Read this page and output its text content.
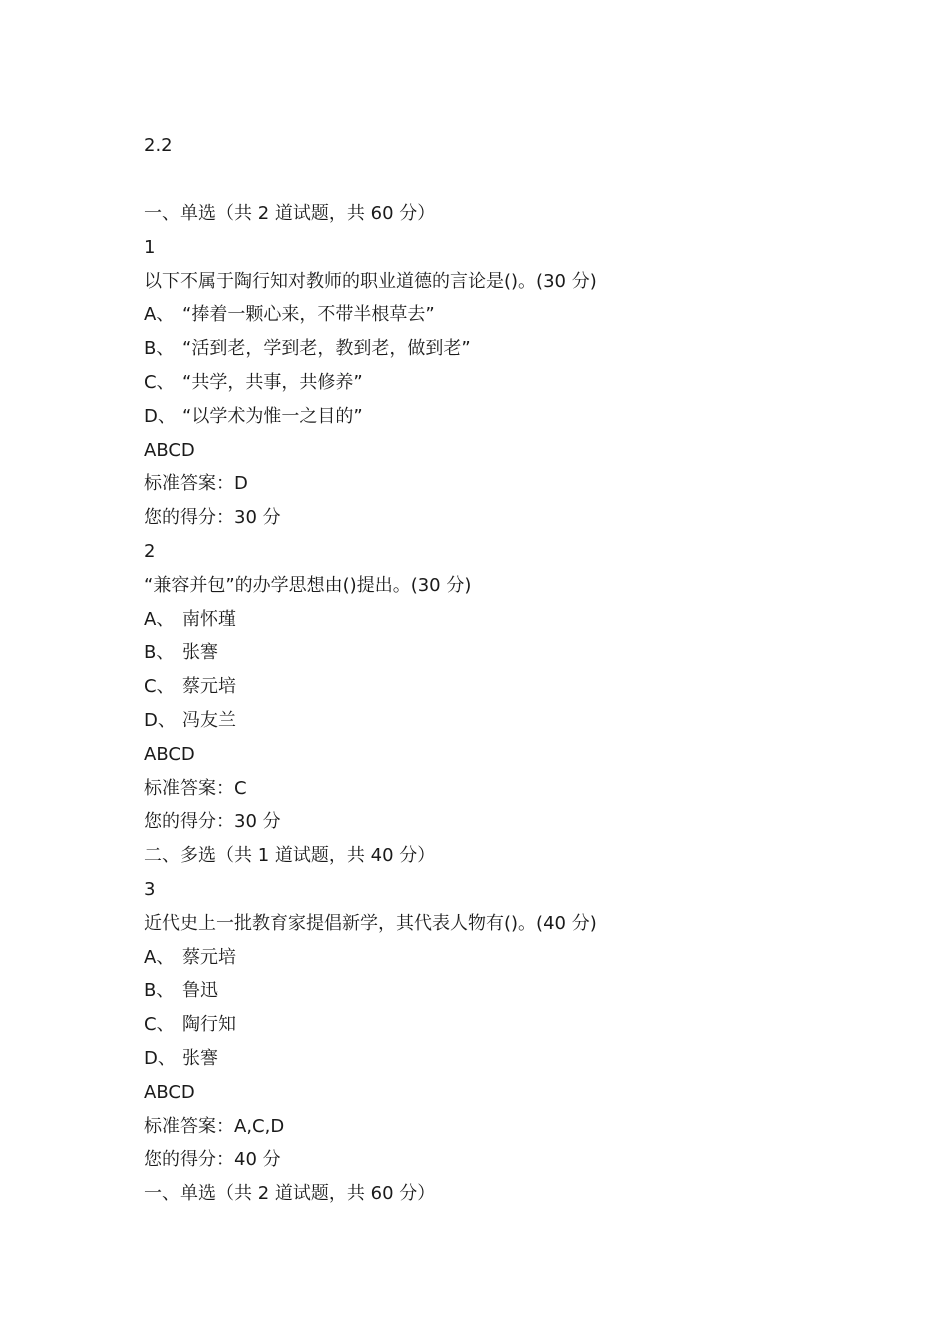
2.2
一、单选（共 2 道试题，共 60 分）
1
以下不属于陶行知对教师的职业道德的言论是()。(30 分)
A、 “捧着一颗心来，不带半根草去”
B、 “活到老，学到老，教到老，做到老”
C、 “共学，共事，共修养”
D、 “以学术为惟一之目的”
ABCD
标准答案：D
您的得分：30 分
2
“兼容并包”的办学思想由()提出。(30 分)
A、 南怀瑾
B、 张謇
C、 蔡元培
D、 冯友兰
ABCD
标准答案：C
您的得分：30 分
二、多选（共 1 道试题，共 40 分）
3
近代史上一批教育家提倡新学，其代表人物有()。(40 分)
A、 蔡元培
B、 鲁迅
C、 陶行知
D、 张謇
ABCD
标准答案：A,C,D
您的得分：40 分
一、单选（共 2 道试题，共 60 分）
